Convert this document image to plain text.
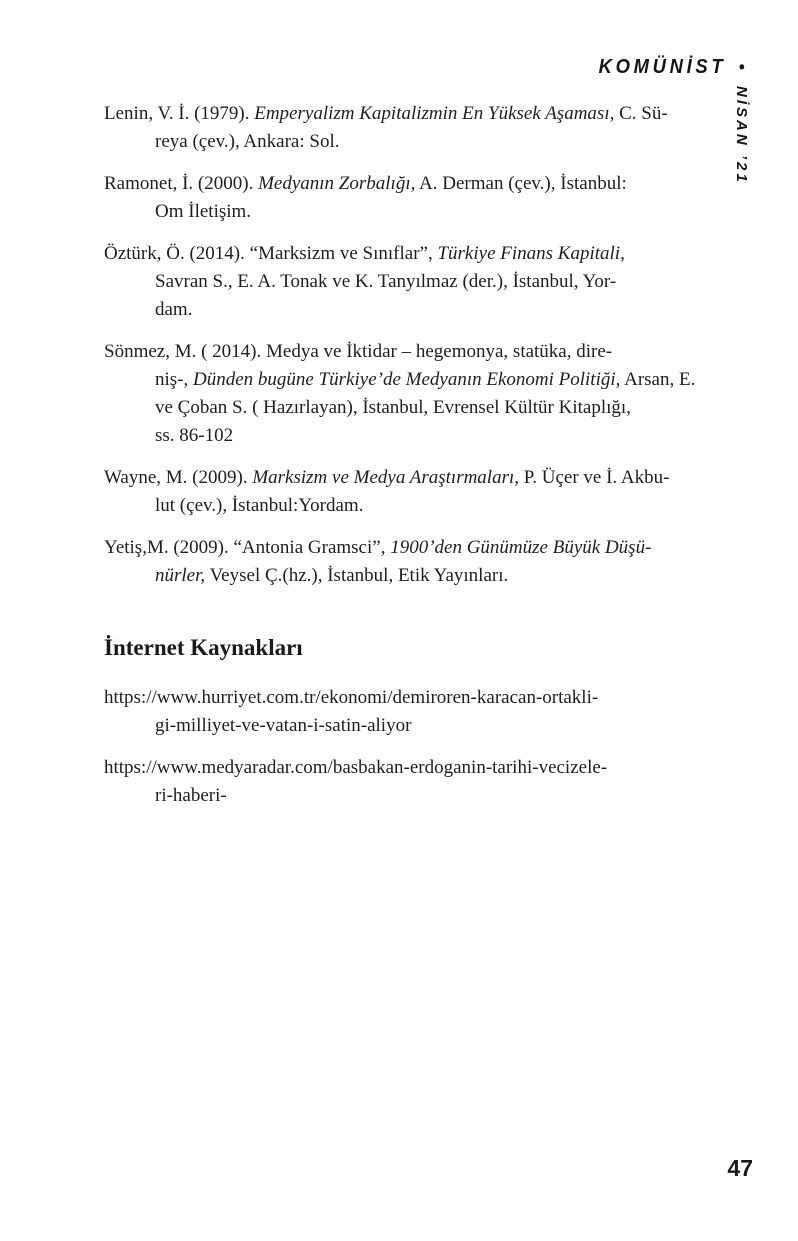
KOMÜNİST •
NİSAN ’21
Lenin, V. İ. (1979). Emperyalizm Kapitalizmin En Yüksek Aşaması, C. Sü-
reya (çev.), Ankara: Sol.
Ramonet, İ. (2000). Medyanın Zorbalığı, A. Derman (çev.), İstanbul:
Om İletişim.
Öztürk, Ö. (2014). “Marksizm ve Sınıflar”, Türkiye Finans Kapitali,
Savran S., E. A. Tonak ve K. Tanyılmaz (der.), İstanbul, Yor-
dam.
Sönmez, M. ( 2014). Medya ve İktidar – hegemonya, statüka, dire-
niş-, Dünden bugüne Türkiye’de Medyanın Ekonomi Politiği, Arsan, E.
ve Çoban S. ( Hazırlayan), İstanbul, Evrensel Kültür Kitaplığı,
ss. 86-102
Wayne, M. (2009). Marksizm ve Medya Araştırmaları, P. Üçer ve İ. Akbu-
lut (çev.), İstanbul:Yordam.
Yetiş,M. (2009). “Antonia Gramsci”, 1900’den Günümüze Büyük Düşü-
nürler, Veysel Ç.(hz.), İstanbul, Etik Yayınları.
İnternet Kaynakları
https://www.hurriyet.com.tr/ekonomi/demiroren-karacan-ortakli-
gi-milliyet-ve-vatan-i-satin-aliyor
https://www.medyaradar.com/basbakan-erdoganin-tarihi-vecizele-
ri-haberi-
47
